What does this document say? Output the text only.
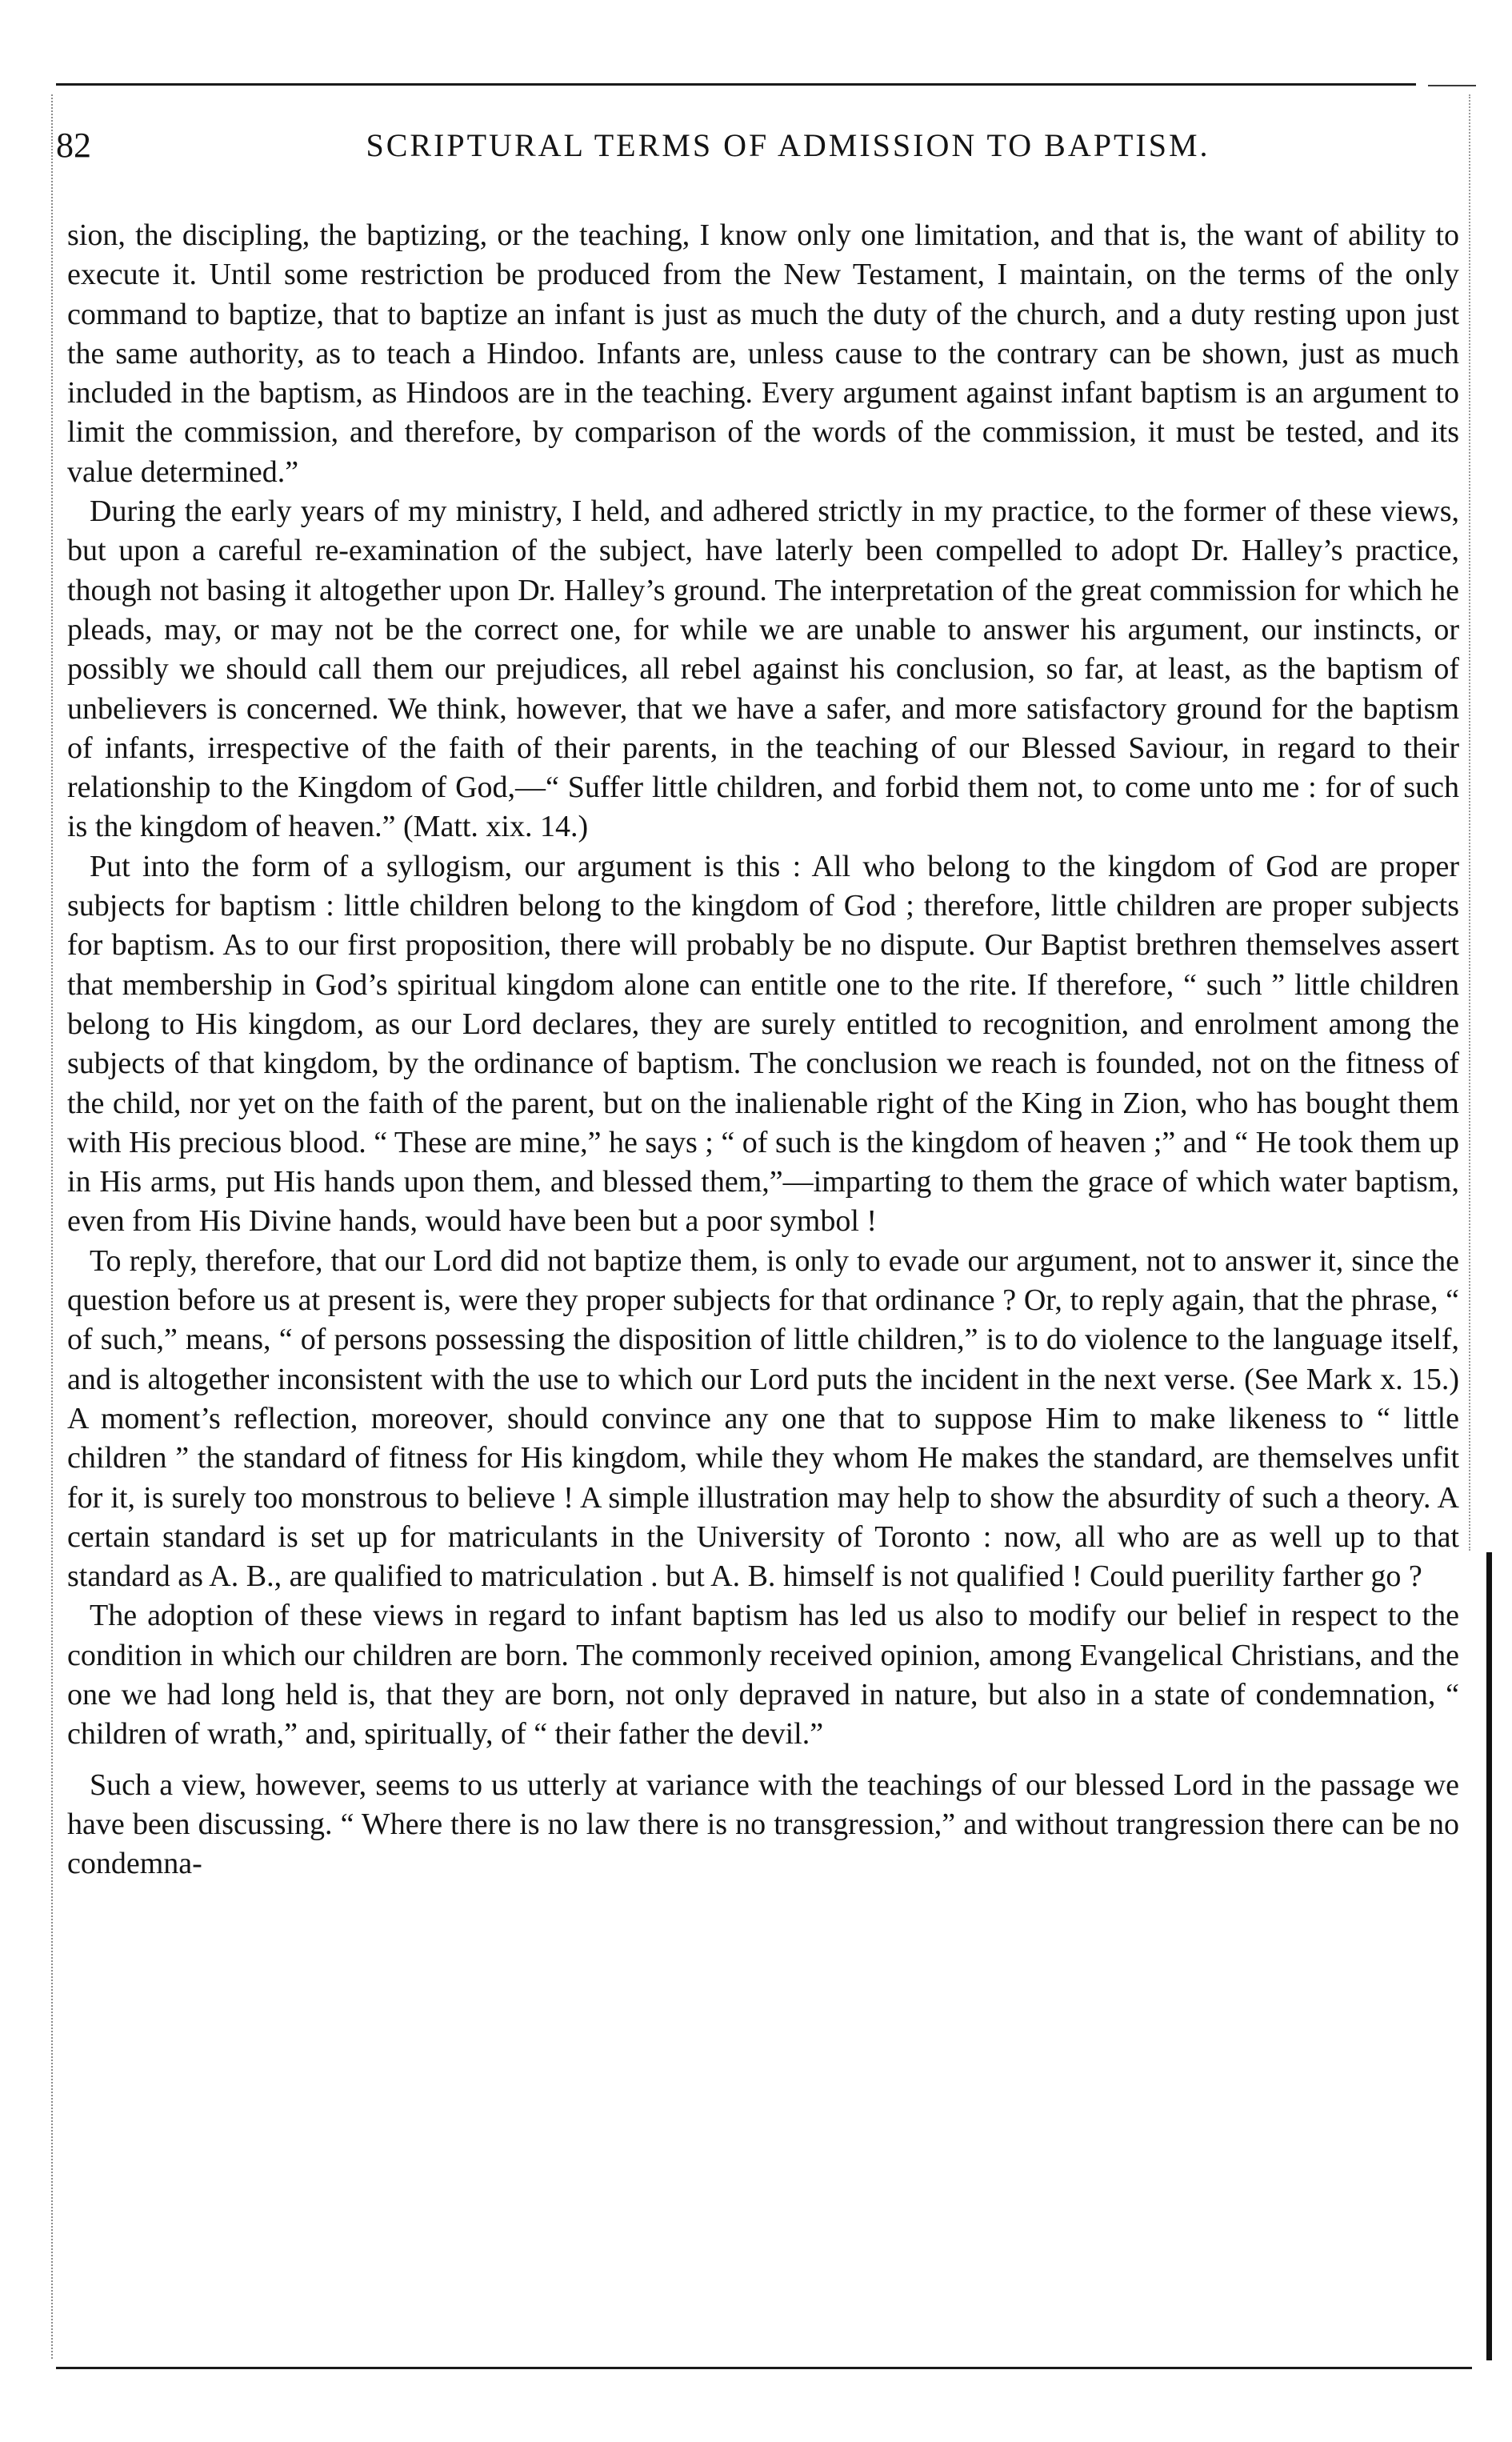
82	SCRIPTURAL TERMS OF ADMISSION TO BAPTISM.

sion, the discipling, the baptizing, or the teaching, I know only one limitation, and that is, the want of ability to execute it. Until some restriction be produced from the New Testament, I maintain, on the terms of the only command to baptize, that to baptize an infant is just as much the duty of the church, and a duty resting upon just the same authority, as to teach a Hindoo. Infants are, unless cause to the contrary can be shown, just as much included in the baptism, as Hindoos are in the teaching. Every argument against infant baptism is an argument to limit the commission, and therefore, by comparison of the words of the commission, it must be tested, and its value determined.”

During the early years of my ministry, I held, and adhered strictly in my practice, to the former of these views, but upon a careful re-examination of the subject, have laterly been compelled to adopt Dr. Halley’s practice, though not basing it altogether upon Dr. Halley’s ground. The interpretation of the great commission for which he pleads, may, or may not be the correct one, for while we are unable to answer his argument, our instincts, or possibly we should call them our prejudices, all rebel against his conclusion, so far, at least, as the baptism of unbelievers is concerned. We think, however, that we have a safer, and more satisfactory ground for the baptism of infants, irrespective of the faith of their parents, in the teaching of our Blessed Saviour, in regard to their relationship to the Kingdom of God,—“ Suffer little children, and forbid them not, to come unto me : for of such is the kingdom of heaven.” (Matt. xix. 14.)

Put into the form of a syllogism, our argument is this : All who belong to the kingdom of God are proper subjects for baptism : little children belong to the kingdom of God ; therefore, little children are proper subjects for baptism. As to our first proposition, there will probably be no dispute. Our Baptist brethren themselves assert that membership in God’s spiritual kingdom alone can entitle one to the rite. If therefore, “ such ” little children belong to His kingdom, as our Lord declares, they are surely entitled to recognition, and enrolment among the subjects of that kingdom, by the ordinance of baptism. The conclusion we reach is founded, not on the fitness of the child, nor yet on the faith of the parent, but on the inalienable right of the King in Zion, who has bought them with His precious blood. “ These are mine,” he says ; “ of such is the kingdom of heaven ;” and “ He took them up in His arms, put His hands upon them, and blessed them,”—imparting to them the grace of which water baptism, even from His Divine hands, would have been but a poor symbol !

To reply, therefore, that our Lord did not baptize them, is only to evade our argument, not to answer it, since the question before us at present is, were they proper subjects for that ordinance ? Or, to reply again, that the phrase, “ of such,” means, “ of persons possessing the disposition of little children,” is to do violence to the language itself, and is altogether inconsistent with the use to which our Lord puts the incident in the next verse. (See Mark x. 15.) A moment’s reflection, moreover, should convince any one that to suppose Him to make likeness to “ little children ” the standard of fitness for His kingdom, while they whom He makes the standard, are themselves unfit for it, is surely too monstrous to believe ! A simple illustration may help to show the absurdity of such a theory. A certain standard is set up for matriculants in the University of Toronto : now, all who are as well up to that standard as A. B., are qualified to matriculation . but A. B. himself is not qualified ! Could puerility farther go ?

The adoption of these views in regard to infant baptism has led us also to modify our belief in respect to the condition in which our children are born. The commonly received opinion, among Evangelical Christians, and the one we had long held is, that they are born, not only depraved in nature, but also in a state of condemnation, “ children of wrath,” and, spiritually, of “ their father the devil.”

Such a view, however, seems to us utterly at variance with the teachings of our blessed Lord in the passage we have been discussing. “ Where there is no law there is no transgression,” and without trangression there can be no condemna-
